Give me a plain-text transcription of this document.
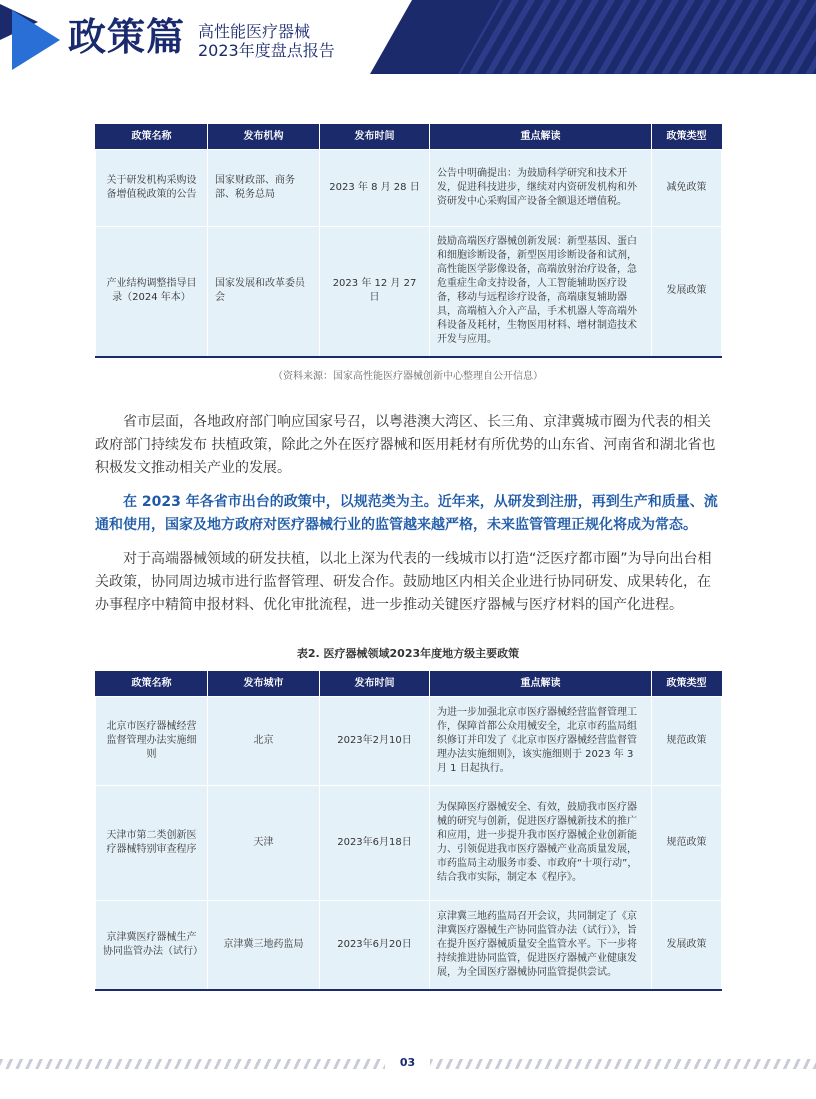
政策篇 高性能医疗器械
2023年度盘点报告
政策名称	发布机构	发布时间	重点解读	政策类型
关于研发机构采购设备增值税政策的公告	国家财政部、商务部、税务总局	2023 年 8 月 28 日	公告中明确提出：为鼓励科学研究和技术开发，促进科技进步，继续对内资研发机构和外资研发中心采购国产设备全额退还增值税。	减免政策
产业结构调整指导目录（2024 年本）	国家发展和改革委员会	2023 年 12 月 27 日	鼓励高端医疗器械创新发展：新型基因、蛋白和细胞诊断设备，新型医用诊断设备和试剂，高性能医学影像设备，高端放射治疗设备，急危重症生命支持设备，人工智能辅助医疗设备，移动与远程诊疗设备，高端康复辅助器具，高端植入介入产品，手术机器人等高端外科设备及耗材，生物医用材料、增材制造技术开发与应用。	发展政策
（资料来源：国家高性能医疗器械创新中心整理自公开信息）

省市层面，各地政府部门响应国家号召，以粤港澳大湾区、长三角、京津冀城市圈为代表的相关政府部门持续发布 扶植政策，除此之外在医疗器械和医用耗材有所优势的山东省、河南省和湖北省也积极发文推动相关产业的发展。

在 2023 年各省市出台的政策中，以规范类为主。近年来，从研发到注册，再到生产和质量、流通和使用，国家及地方政府对医疗器械行业的监管越来越严格，未来监管管理正规化将成为常态。

对于高端器械领域的研发扶植，以北上深为代表的一线城市以打造“泛医疗都市圈”为导向出台相关政策，协同周边城市进行监督管理、研发合作。鼓励地区内相关企业进行协同研发、成果转化，在办事程序中精简申报材料、优化审批流程，进一步推动关键医疗器械与医疗材料的国产化进程。

表2. 医疗器械领域2023年度地方级主要政策
政策名称	发布城市	发布时间	重点解读	政策类型
北京市医疗器械经营监督管理办法实施细则	北京	2023年2月10日	为进一步加强北京市医疗器械经营监督管理工作，保障首都公众用械安全，北京市药监局组织修订并印发了《北京市医疗器械经营监督管理办法实施细则》，该实施细则于 2023 年 3 月 1 日起执行。	规范政策
天津市第二类创新医疗器械特别审查程序	天津	2023年6月18日	为保障医疗器械安全、有效，鼓励我市医疗器械的研究与创新，促进医疗器械新技术的推广和应用，进一步提升我市医疗器械企业创新能力、引领促进我市医疗器械产业高质量发展，市药监局主动服务市委、市政府“十项行动”，结合我市实际，制定本《程序》。	规范政策
京津冀医疗器械生产协同监管办法（试行）	京津冀三地药监局	2023年6月20日	京津冀三地药监局召开会议，共同制定了《京津冀医疗器械生产协同监管办法（试行）》，旨在提升医疗器械质量安全监管水平。下一步将持续推进协同监管，促进医疗器械产业健康发展，为全国医疗器械协同监管提供尝试。	发展政策
03
